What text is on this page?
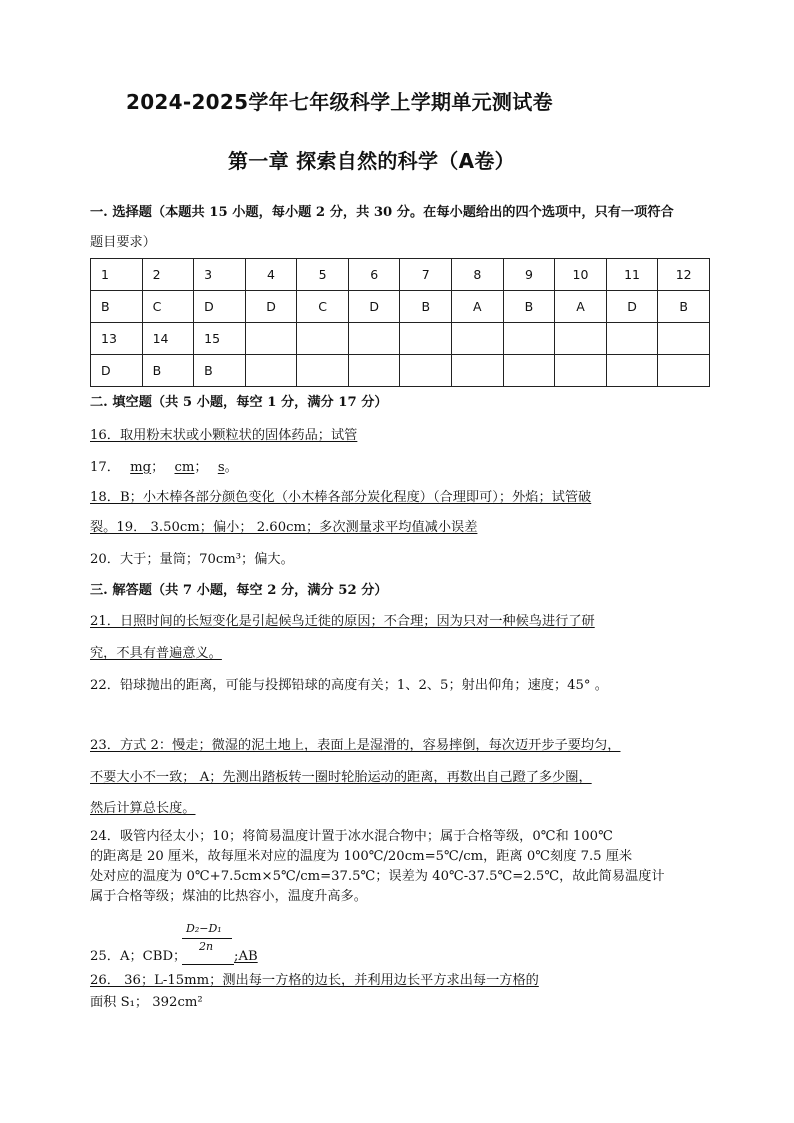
2024-2025学年七年级科学上学期单元测试卷
第一章 探索自然的科学（A卷）
一. 选择题（本题共 15 小题，每小题 2 分，共 30 分。在每小题给出的四个选项中，只有一项符合
题目要求）
1	2	3	4	5	6	7	8	9	10	11	12

B	C	D	D	C	D	B	A	B	A	D	B

13	14	15									

D	B	B									

二. 填空题（共 5 小题，每空 1 分，满分 17 分）
16．取用粉末状或小颗粒状的固体药品；试管
17． mg； cm； s。
18．B；小木棒各部分颜色变化（小木棒各部分炭化程度）（合理即可）；外焰；试管破
裂。19． 3.50cm；偏小； 2.60cm；多次测量求平均值减小误差
20．大于；量筒；70cm³；偏大。
三. 解答题（共 7 小题，每空 2 分，满分 52 分）
21．日照时间的长短变化是引起候鸟迁徙的原因；不合理；因为只对一种候鸟进行了研
究，不具有普遍意义。
22．铅球抛出的距离，可能与投掷铅球的高度有关；1、2、5；射出仰角；速度；45° 。
23．方式 2：慢走；微湿的泥土地上，表面上是湿滑的，容易摔倒，每次迈开步子要均匀，
不要大小不一致； A；先测出踏板转一圈时轮胎运动的距离，再数出自己蹬了多少圈，
然后计算总长度。
24．吸管内径太小；10；将简易温度计置于冰水混合物中；属于合格等级，0℃和 100℃
的距离是 20 厘米，故每厘米对应的温度为 100℃/20cm=5℃/cm，距离 0℃刻度 7.5 厘米
处对应的温度为 0℃+7.5cm×5℃/cm=37.5℃；误差为 40℃-37.5℃=2.5℃，故此简易温度计
属于合格等级；煤油的比热容小，温度升高多。
25．A；CBD；
D₂−D₁
2n
;AB
26． 36；L-15mm；测出每一方格的边长，并利用边长平方求出每一方格的
面积 S₁； 392cm²
